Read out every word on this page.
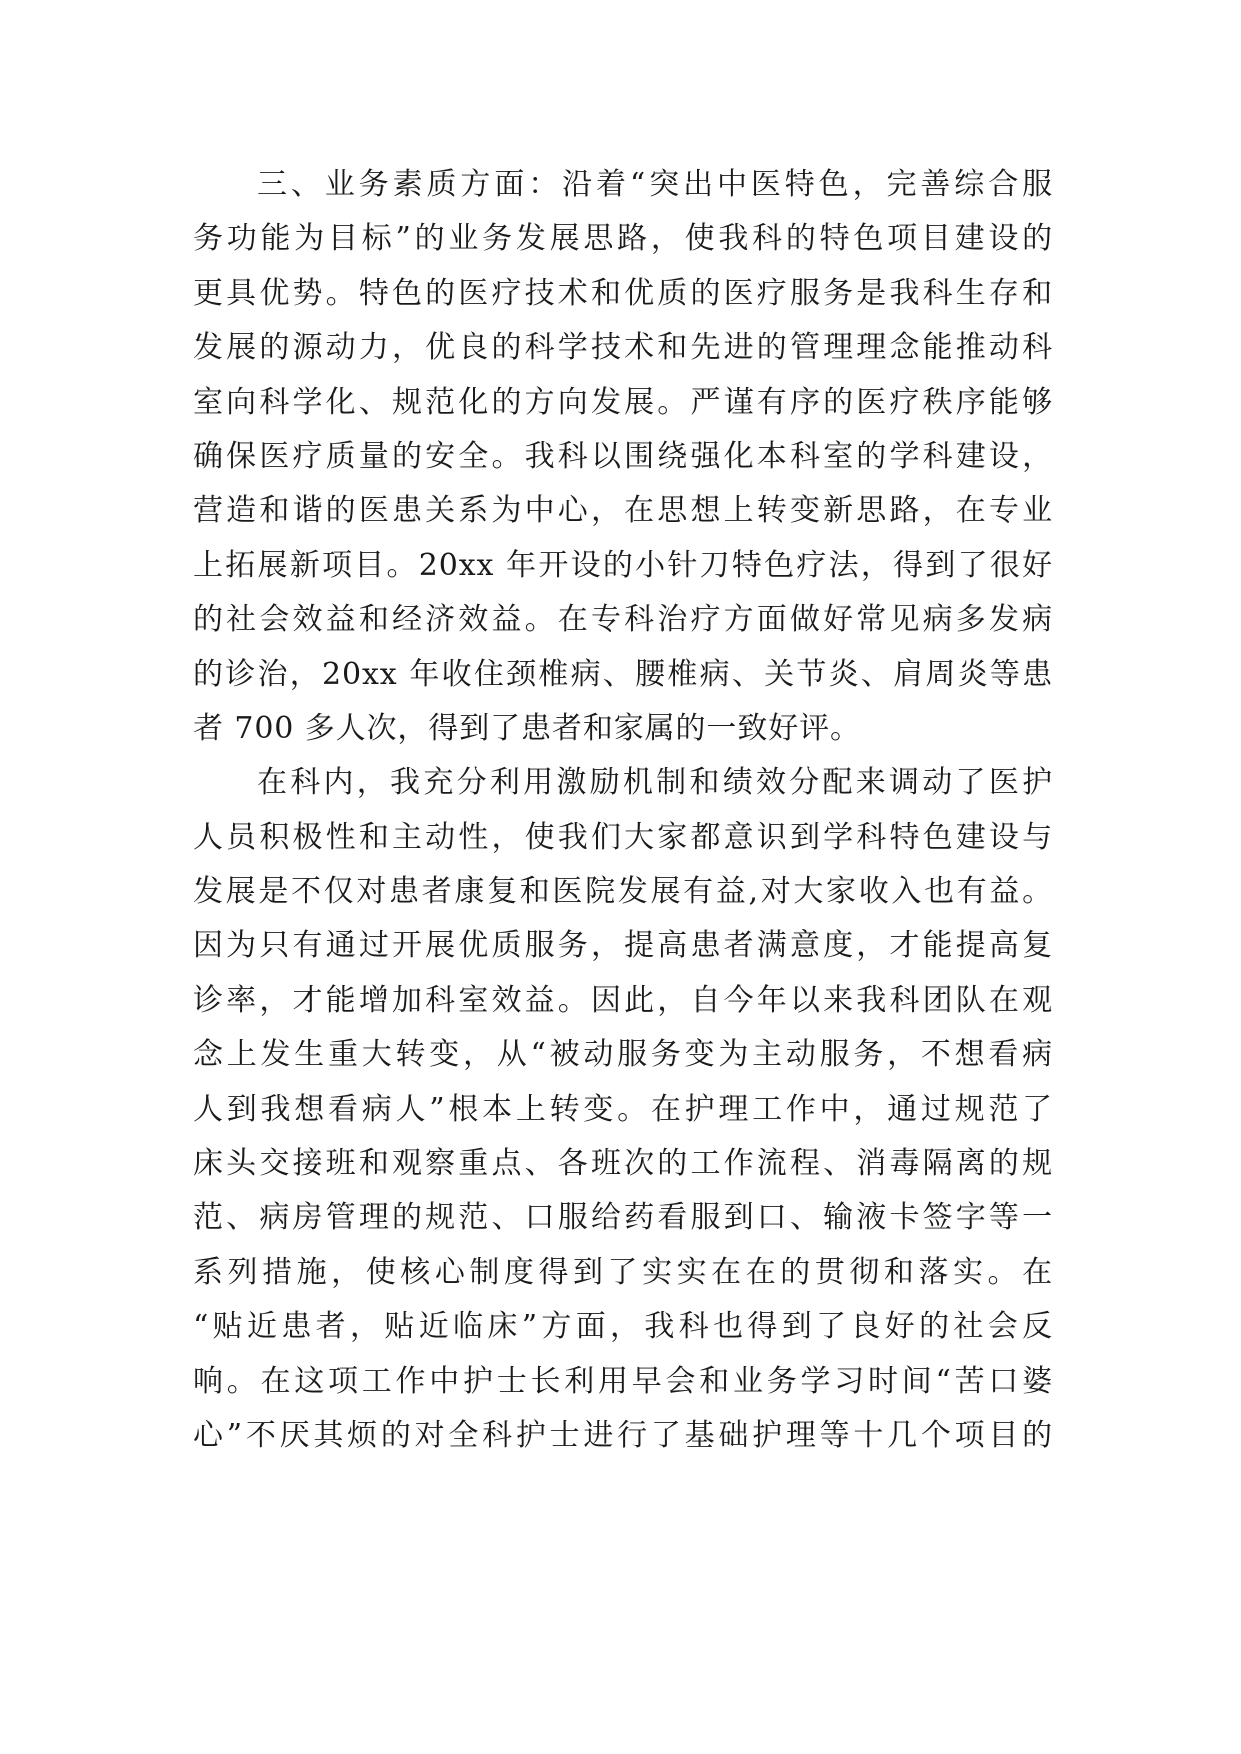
三、业务素质方面：沿着“突出中医特色，完善综合服
务功能为目标”的业务发展思路，使我科的特色项目建设的
更具优势。特色的医疗技术和优质的医疗服务是我科生存和
发展的源动力，优良的科学技术和先进的管理理念能推动科
室向科学化、规范化的方向发展。严谨有序的医疗秩序能够
确保医疗质量的安全。我科以围绕强化本科室的学科建设，
营造和谐的医患关系为中心，在思想上转变新思路，在专业
上拓展新项目。20xx 年开设的小针刀特色疗法，得到了很好
的社会效益和经济效益。在专科治疗方面做好常见病多发病
的诊治，20xx 年收住颈椎病、腰椎病、关节炎、肩周炎等患
者 700 多人次，得到了患者和家属的一致好评。
在科内，我充分利用激励机制和绩效分配来调动了医护
人员积极性和主动性，使我们大家都意识到学科特色建设与
发展是不仅对患者康复和医院发展有益,对大家收入也有益。
因为只有通过开展优质服务，提高患者满意度，才能提高复
诊率，才能增加科室效益。因此，自今年以来我科团队在观
念上发生重大转变，从“被动服务变为主动服务，不想看病
人到我想看病人”根本上转变。在护理工作中，通过规范了
床头交接班和观察重点、各班次的工作流程、消毒隔离的规
范、病房管理的规范、口服给药看服到口、输液卡签字等一
系列措施，使核心制度得到了实实在在的贯彻和落实。在
“贴近患者，贴近临床”方面，我科也得到了良好的社会反
响。在这项工作中护士长利用早会和业务学习时间“苦口婆
心”不厌其烦的对全科护士进行了基础护理等十几个项目的
